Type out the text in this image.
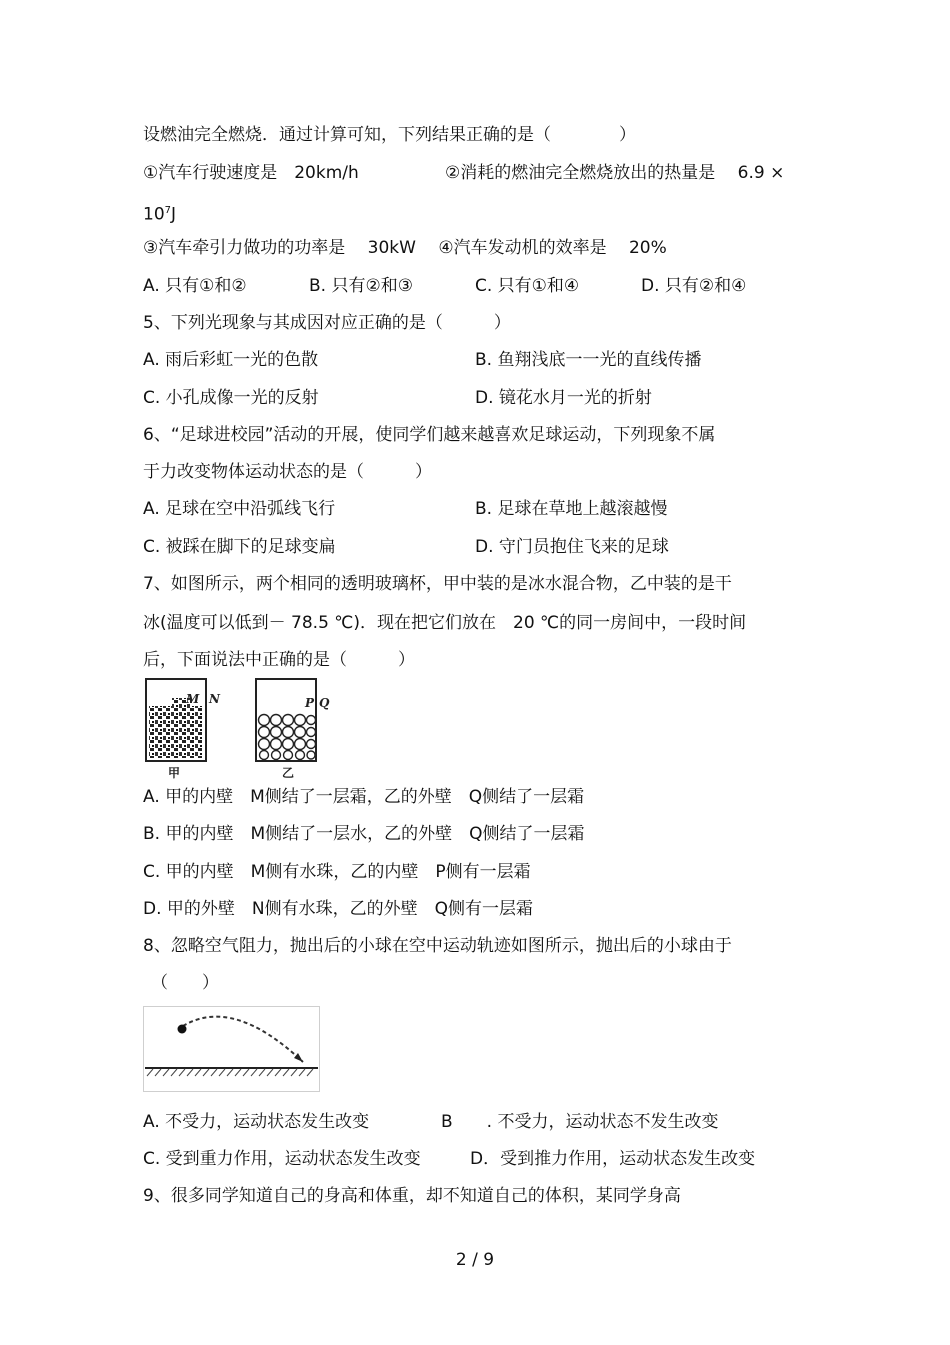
设燃油完全燃烧．通过计算可知，下列结果正确的是（　　　　）
①汽车行驶速度是　20km/h	②消耗的燃油完全燃烧放出的热量是　 6.9 ×
$10^7J$
③汽车牵引力做功的功率是　 30kW　 ④汽车发动机的效率是　 20%
A. 只有①和②	B. 只有②和③	C. 只有①和④	D. 只有②和④
5、下列光现象与其成因对应正确的是（　　　）
A. 雨后彩虹一光的色散	B. 鱼翔浅底一一光的直线传播
C. 小孔成像一光的反射	D. 镜花水月一光的折射
6、“足球进校园”活动的开展，使同学们越来越喜欢足球运动，下列现象不属
于力改变物体运动状态的是（　　　）
A. 足球在空中沿弧线飞行	B. 足球在草地上越滚越慢
C. 被踩在脚下的足球变扁	D. 守门员抱住飞来的足球
7、如图所示，两个相同的透明玻璃杯，甲中装的是冰水混合物，乙中装的是干
冰(温度可以低到－ 78.5 ℃)．现在把它们放在　20 ℃的同一房间中，一段时间
后，下面说法中正确的是（　　　）
M N
甲
P Q
乙
A. 甲的内壁　M侧结了一层霜，乙的外壁　Q侧结了一层霜
B. 甲的内壁　M侧结了一层水，乙的外壁　Q侧结了一层霜
C. 甲的内壁　M侧有水珠，乙的内壁　P侧有一层霜
D. 甲的外壁　N侧有水珠，乙的外壁　Q侧有一层霜
8、忽略空气阻力，抛出后的小球在空中运动轨迹如图所示，抛出后的小球由于
（　　）
A. 不受力，运动状态发生改变	B　　. 不受力，运动状态不发生改变
C. 受到重力作用，运动状态发生改变	D．受到推力作用，运动状态发生改变
9、很多同学知道自己的身高和体重，却不知道自己的体积，某同学身高
2 / 9
